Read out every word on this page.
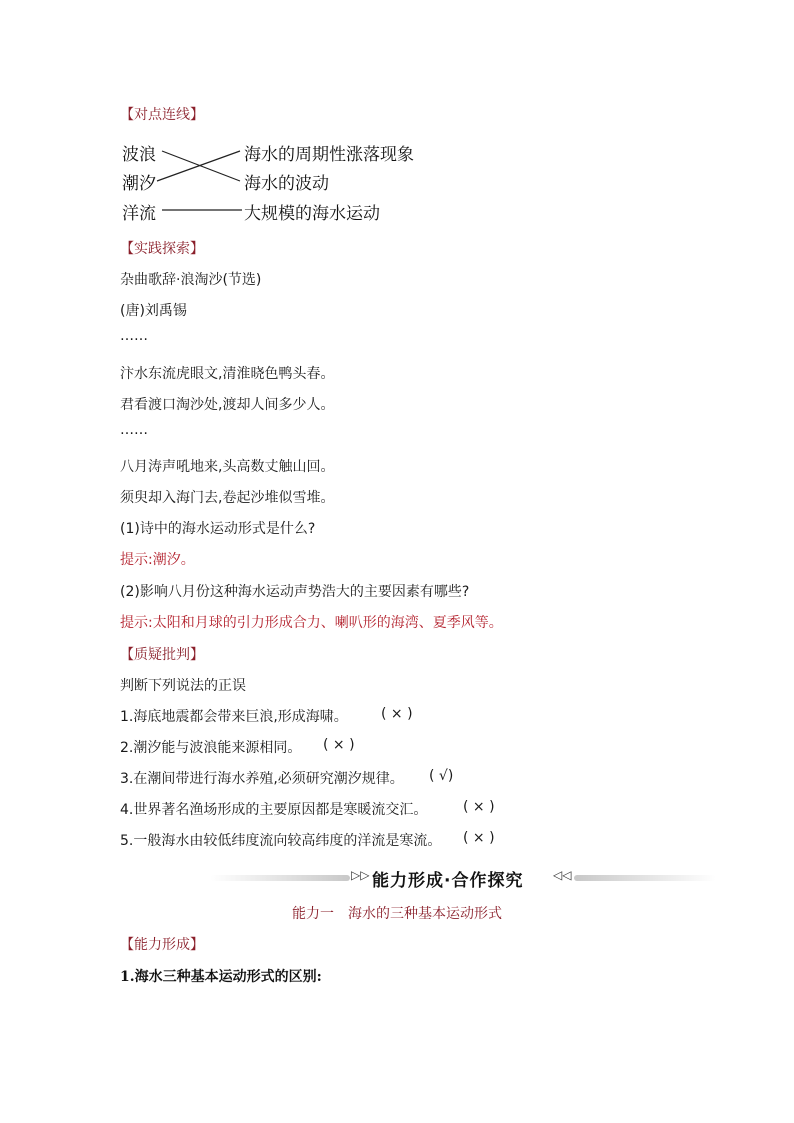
【对点连线】
波浪
潮汐
洋流
海水的周期性涨落现象
海水的波动
大规模的海水运动
【实践探索】
杂曲歌辞·浪淘沙(节选)
(唐)刘禹锡
……
汴水东流虎眼文,清淮晓色鸭头春。
君看渡口淘沙处,渡却人间多少人。
……
八月涛声吼地来,头高数丈触山回。
须臾却入海门去,卷起沙堆似雪堆。
(1)诗中的海水运动形式是什么?
提示:潮汐。
(2)影响八月份这种海水运动声势浩大的主要因素有哪些?
提示:太阳和月球的引力形成合力、喇叭形的海湾、夏季风等。
【质疑批判】
判断下列说法的正误
1.海底地震都会带来巨浪,形成海啸。 ( × )
2.潮汐能与波浪能来源相同。 ( × )
3.在潮间带进行海水养殖,必须研究潮汐规律。 ( √)
4.世界著名渔场形成的主要原因都是寒暖流交汇。	( × )
5.一般海水由较低纬度流向较高纬度的洋流是寒流。 ( × )
▷▷ 能力形成·合作探究 ◁◁
能力一　海水的三种基本运动形式
【能力形成】
1.海水三种基本运动形式的区别:
